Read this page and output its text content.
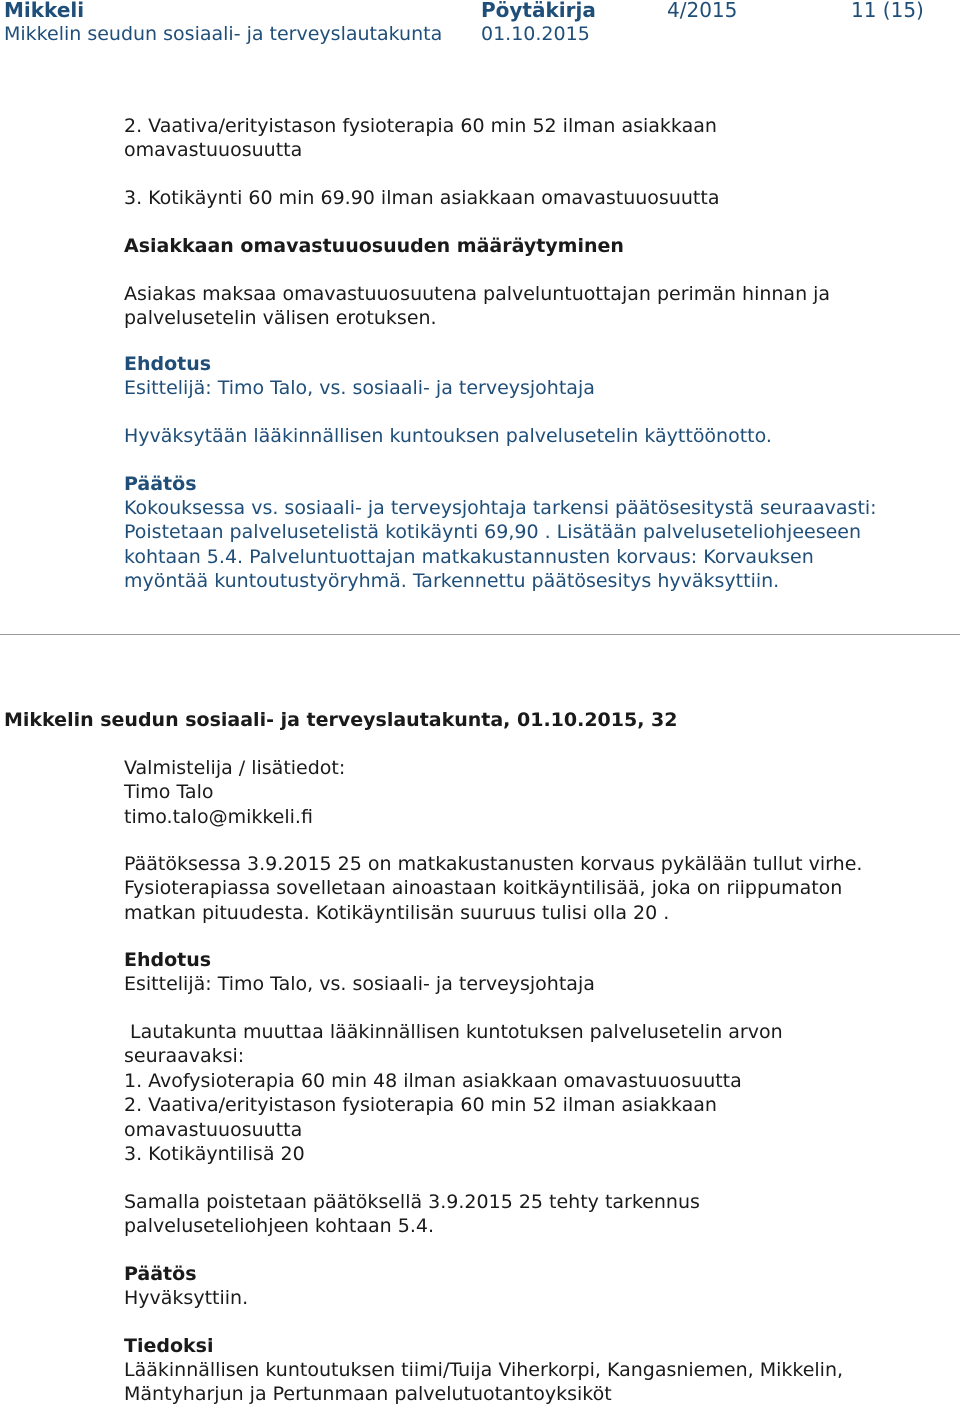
Mikkeli	Pöytäkirja	4/2015	11 (15)
Mikkelin seudun sosiaali- ja terveyslautakunta 01.10.2015
2. Vaativa/erityistason fysioterapia 60 min 52 ilman asiakkaan
omavastuuosuutta
3. Kotikäynti 60 min 69.90 ilman asiakkaan omavastuuosuutta
Asiakkaan omavastuuosuuden määräytyminen
Asiakas maksaa omavastuuosuutena palveluntuottajan perimän hinnan ja
palvelusetelin välisen erotuksen.
Ehdotus
Esittelijä: Timo Talo, vs. sosiaali- ja terveysjohtaja
Hyväksytään lääkinnällisen kuntouksen palvelusetelin käyttöönotto.
Päätös
Kokouksessa vs. sosiaali- ja terveysjohtaja tarkensi päätösesitystä seuraavasti:
Poistetaan palvelusetelistä kotikäynti 69,90 . Lisätään palveluseteliohjeeseen
kohtaan 5.4. Palveluntuottajan matkakustannusten korvaus: Korvauksen
myöntää kuntoutustyöryhmä. Tarkennettu päätösesitys hyväksyttiin.
Mikkelin seudun sosiaali- ja terveyslautakunta, 01.10.2015, 32
Valmistelija / lisätiedot:
Timo Talo
timo.talo@mikkeli.fi
Päätöksessa 3.9.2015 25 on matkakustanusten korvaus pykälään tullut virhe.
Fysioterapiassa sovelletaan ainoastaan koitkäyntilisää, joka on riippumaton
matkan pituudesta. Kotikäyntilisän suuruus tulisi olla 20 .
Ehdotus
Esittelijä: Timo Talo, vs. sosiaali- ja terveysjohtaja
Lautakunta muuttaa lääkinnällisen kuntotuksen palvelusetelin arvon
seuraavaksi:
1. Avofysioterapia 60 min 48 ilman asiakkaan omavastuuosuutta
2. Vaativa/erityistason fysioterapia 60 min 52 ilman asiakkaan
omavastuuosuutta
3. Kotikäyntilisä 20
Samalla poistetaan päätöksellä 3.9.2015 25 tehty tarkennus
palveluseteliohjeen kohtaan 5.4.
Päätös
Hyväksyttiin.
Tiedoksi
Lääkinnällisen kuntoutuksen tiimi/Tuija Viherkorpi, Kangasniemen, Mikkelin,
Mäntyharjun ja Pertunmaan palvelutuotantoyksiköt
